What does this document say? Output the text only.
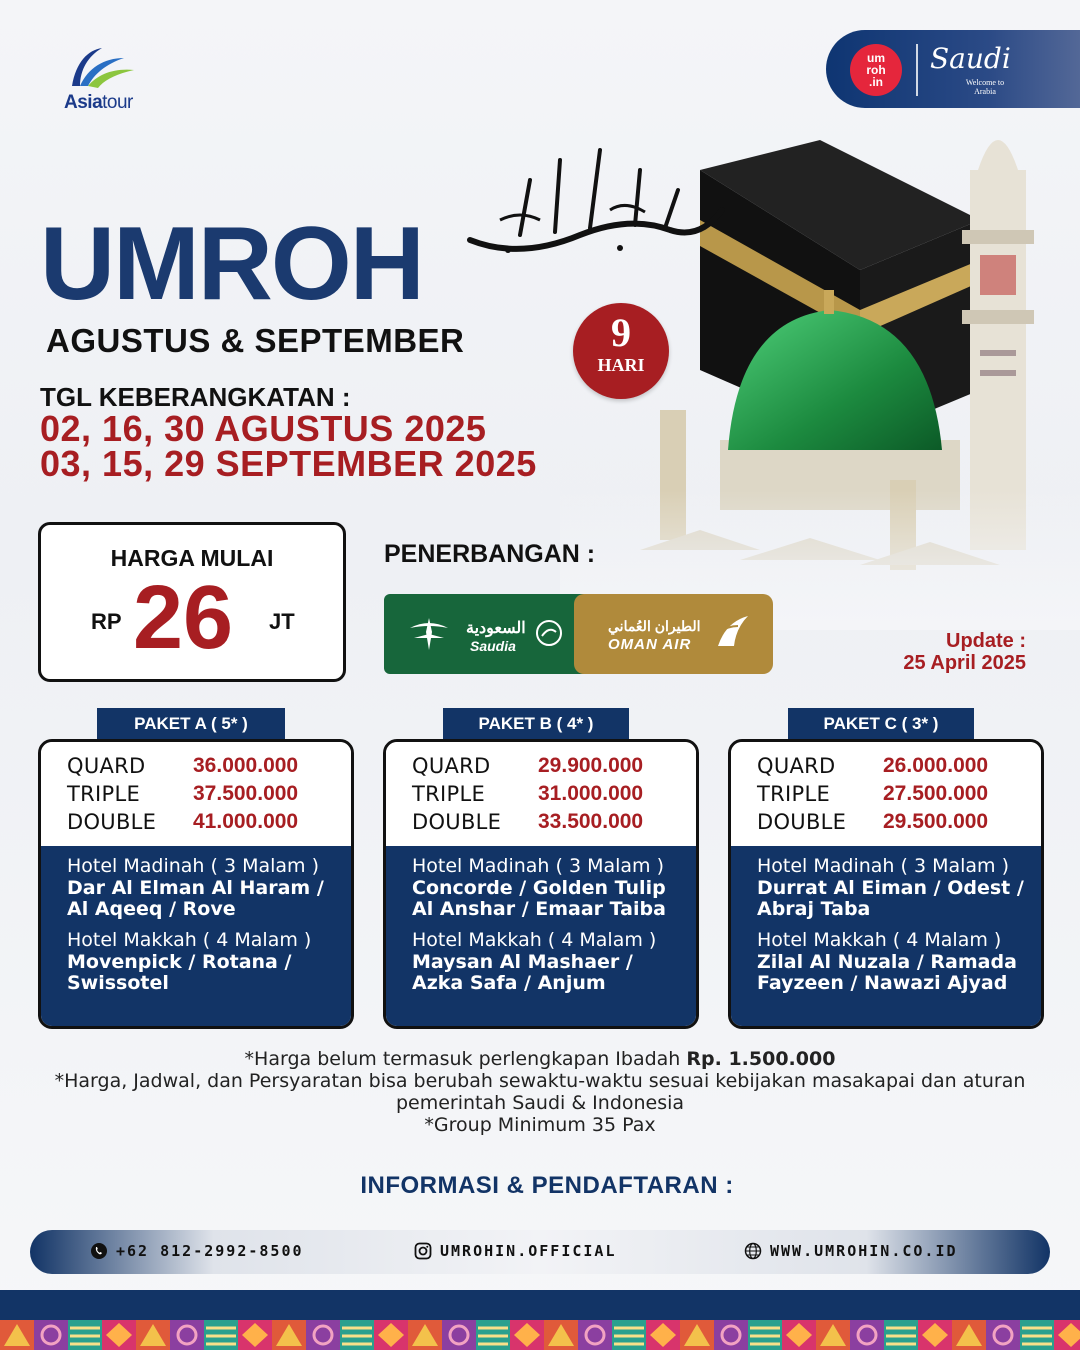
Asiatour
um
roh
.in
Saudi
Welcome to Arabia
UMROH
AGUSTUS & SEPTEMBER	9
HARI
TGL KEBERANGKATAN :
02, 16, 30 AGUSTUS 2025
03, 15, 29 SEPTEMBER 2025
HARGA MULAI
RP 26 JT
PENERBANGAN :
السعودية
Saudia
الطيران العُماني
OMAN AIR	Update :
25 April 2025
PAKET A ( 5* )	PAKET B ( 4* )	PAKET C ( 3* )
QUARD 36.000.000
TRIPLE	37.500.000
DOUBLE 41.000.000
Hotel Madinah ( 3 Malam )
Dar Al Elman Al Haram /
Al Aqeeq / Rove
Hotel Makkah ( 4 Malam )
Movenpick / Rotana /
Swissotel
QUARD 29.900.000
TRIPLE	31.000.000
DOUBLE 33.500.000
Hotel Madinah ( 3 Malam )
Concorde / Golden Tulip
Al Anshar / Emaar Taiba
Hotel Makkah ( 4 Malam )
Maysan Al Mashaer /
Azka Safa / Anjum
QUARD 26.000.000
TRIPLE	27.500.000
DOUBLE 29.500.000
Hotel Madinah ( 3 Malam )
Durrat Al Eiman / Odest /
Abraj Taba
Hotel Makkah ( 4 Malam )
Zilal Al Nuzala / Ramada
Fayzeen / Nawazi Ajyad
*Harga belum termasuk perlengkapan Ibadah Rp. 1.500.000
*Harga, Jadwal, dan Persyaratan bisa berubah sewaktu-waktu sesuai kebijakan masakapai dan aturan pemerintah Saudi & Indonesia
*Group Minimum 35 Pax
INFORMASI & PENDAFTARAN :
+62 812-2992-8500	UMROHIN.OFFICIAL	WWW.UMROHIN.CO.ID
